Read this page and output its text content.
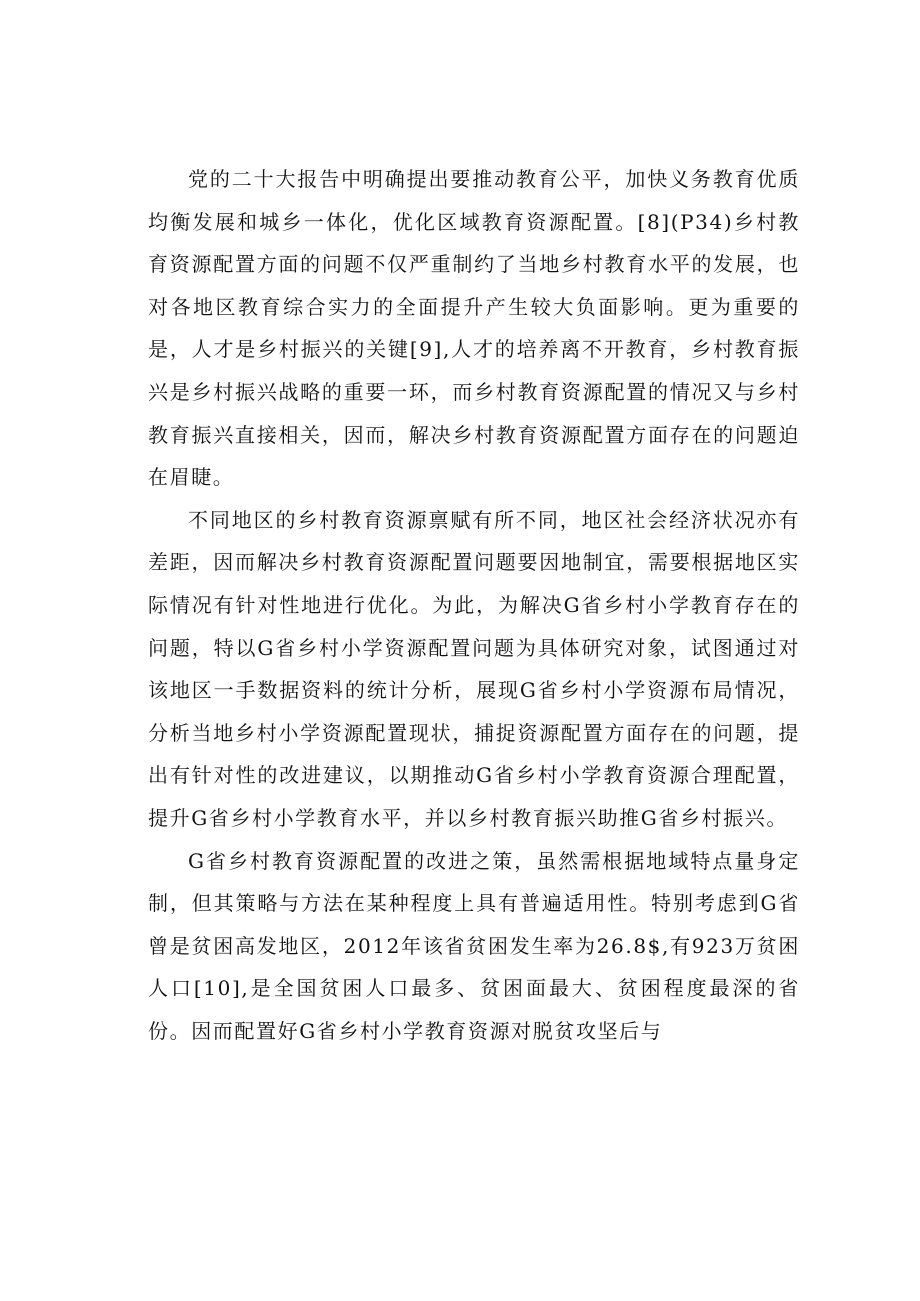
党的二十大报告中明确提出要推动教育公平，加快义务教育优质均衡发展和城乡一体化，优化区域教育资源配置。[8](P34)乡村教育资源配置方面的问题不仅严重制约了当地乡村教育水平的发展，也对各地区教育综合实力的全面提升产生较大负面影响。更为重要的是，人才是乡村振兴的关键[9],人才的培养离不开教育，乡村教育振兴是乡村振兴战略的重要一环，而乡村教育资源配置的情况又与乡村教育振兴直接相关，因而，解决乡村教育资源配置方面存在的问题迫在眉睫。

不同地区的乡村教育资源禀赋有所不同，地区社会经济状况亦有差距，因而解决乡村教育资源配置问题要因地制宜，需要根据地区实际情况有针对性地进行优化。为此，为解决G省乡村小学教育存在的问题，特以G省乡村小学资源配置问题为具体研究对象，试图通过对该地区一手数据资料的统计分析，展现G省乡村小学资源布局情况，分析当地乡村小学资源配置现状，捕捉资源配置方面存在的问题，提出有针对性的改进建议，以期推动G省乡村小学教育资源合理配置，提升G省乡村小学教育水平，并以乡村教育振兴助推G省乡村振兴。

G省乡村教育资源配置的改进之策，虽然需根据地域特点量身定制，但其策略与方法在某种程度上具有普遍适用性。特别考虑到G省曾是贫困高发地区，2012年该省贫困发生率为26.8$,有923万贫困人口[10],是全国贫困人口最多、贫困面最大、贫困程度最深的省份。因而配置好G省乡村小学教育资源对脱贫攻坚后与
